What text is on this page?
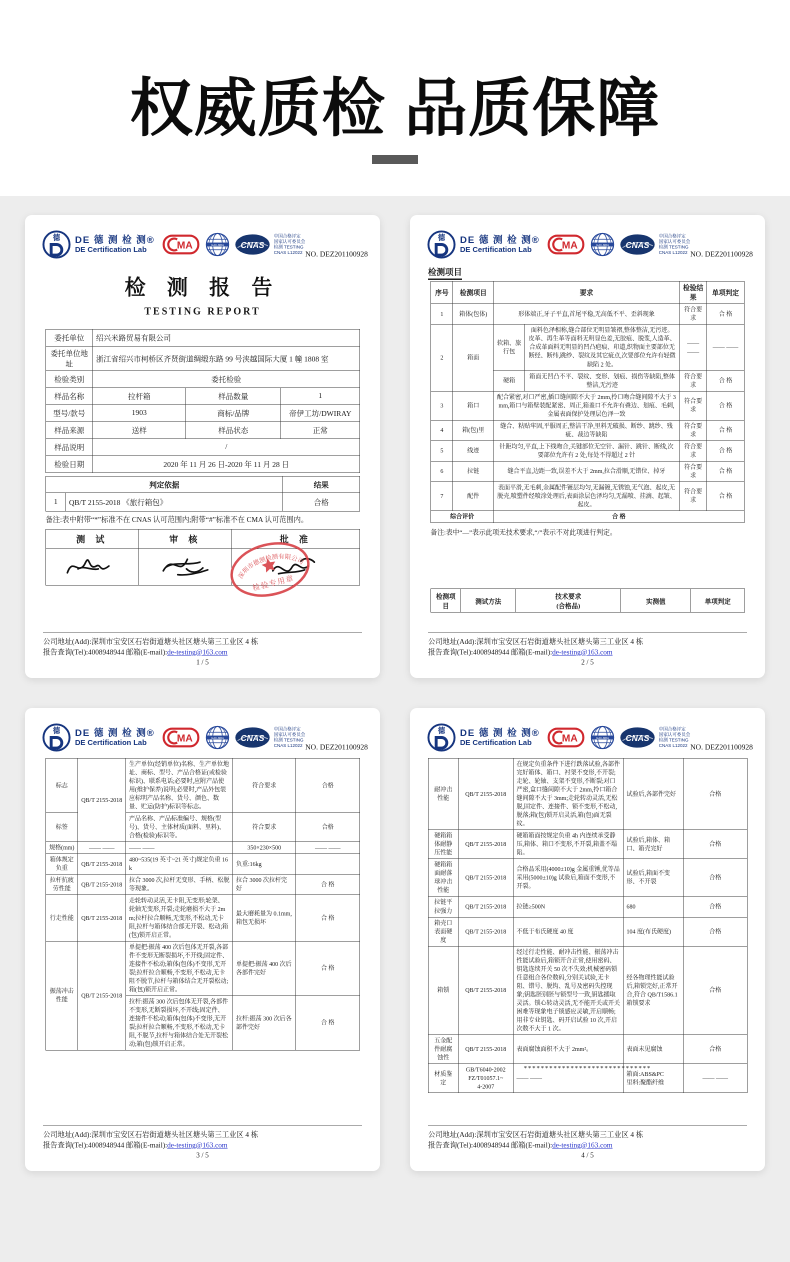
权威质检 品质保障
德 DE 德 测 检 测®
DE Certification Lab	MA	ILAC-MRA CNAS
中国合格评定
国家认可委员会
检测 TESTING
CNAS L12022 NO. DEZ201100928
检 测 报 告
TESTING REPORT
委托单位	绍兴米路贸易有限公司		
委托单位地址	浙江省绍兴市柯桥区齐贤街道绸缎东路 99 号浃越国际大厦 1 幢 1808 室		
检验类别	委托检验		
样品名称	拉杆箱	样品数量	1
型号/款号	1903	商标/品牌	帝伊工坊/DWIRAY
样品来源	送样	样品状态	正常
样品说明	/		
检验日期	2020 年 11 月 26 日-2020 年 11 月 28 日		
判定依据		结果
1	QB/T 2155-2018 《旅行箱包》	合格
备注:表中附带“*”标准不在 CNAS 认可范围内;附带“#”标准不在 CMA 认可范围内。
测 试	审 核	批 准

深圳市德测检测有限公司
检验专用章
公司地址(Add):深圳市宝安区石岩街道塘头社区塘头第三工业区 4 栋
报告查询(Tel):4008948944 邮箱(E-mail):de-testing@163.com
1 / 5
德 DE 德 测 检 测®
DE Certification Lab	MA	ILAC-MRA CNAS
中国合格评定
国家认可委员会
检测 TESTING
CNAS L12022 NO. DEZ201100928
检测项目
序号	检测项目	要求		检验结果	单项判定
1	箱体(包体)	形体端正,牙子平直,首尾平稳,无高低不平、歪斜现象		符合要求	合 格
2	箱面	软箱、旅行包	面料色泽相称,缝合部位无明显皱褶,整体整洁,无污迹。皮革、再生革等面料无明显色差,无胶痕、脱浆,人造革、合成革面料无明显的凹凸疤痕、印道,织物面主要部位无断经、断纬,跳纱、裂纹及其它疵点,次要部位允许有轻微缺陷 2 处。	—— ——	—— ——
		硬箱	箱面无凹凸不平、裂纹、变形、划痕、损伤等缺陷,整体整洁,无污迹	符合要求	合 格
3	箱口	配合紧密,对口严密,插口缝间隙不大于 2mm,拎口吻合缝间隙不大于 3mm,箱口与箱壁装配紧密、周正,箱盖口不允许有叠边、划痕、毛刺,金属表面保护处理层色泽一致		符合要求	合 格
4	箱(包)里	缝合、粘贴牢固,平服周正,整洁干净,里料无破损、断纱、跳纱、残疵、裁边等缺陷		符合要求	合 格
5	线迹	针距均匀,平直,上下线吻合,关键部位无空针、漏针、跳针、断线,次要部位允许有 2 处,每处不得超过 2 针		符合要求	合 格
6	拉链	缝合平直,边距一致,误差不大于 2mm,拉合滑顺,无错位、掉牙		符合要求	合 格
7	配件	表面平滑,无毛刺,金属配件镀层均匀,无漏镀,无锈蚀,无气泡、起皮,无脱壳,喷塑件经喷涂处理后,表面涂层色泽均匀,无漏喷、挂滴、起皱、起皮。		符合要求	合 格
综合评价		合 格			
备注:表中“—”表示此项无技术要求,“/”表示不对此项进行判定。
检测项
目	测试方法	技术要求
(合格品)	实测值	单项判定
公司地址(Add):深圳市宝安区石岩街道塘头社区塘头第三工业区 4 栋
报告查询(Tel):4008948944 邮箱(E-mail):de-testing@163.com
2 / 5
德 DE 德 测 检 测®
DE Certification Lab	MA	ILAC-MRA CNAS
中国合格评定
国家认可委员会
检测 TESTING
CNAS L12022 NO. DEZ201100928
标志	QB/T 2155-2018	生产单位(经销单位)名称、生产单位地址、商标、型号、产品合格证(或检验标识)、联系电话;必要时,应附产品使用(维护保养)说明;必要时,产品外包装应标明产品名称、货号、颜色、数量、贮运(防护)标识等标志。	符合要求	合格
标签		产品名称、产品标准编号、规格(型号)、货号、主体材质(面料、里料)、合格(检验)标识等。	符合要求	合格
规格(mm)	—— ——	—— ——	350×230×500	—— ——
箱体规定负重	QB/T 2155-2018	480~535(19 英寸~21 英寸)规定负重 16k	负重:16kg	
拉杆抗疲劳性能	QB/T 2155-2018	拉合 3000 次,拉杆无变形、手柄、松脱等现象。	拉合 3000 次拉杆完好	合 格
行走性能	QB/T 2155-2018	走轮转动灵活,无卡阻,无变形;轮架、轮轴无变形,开裂;走轮磨损不大于 2mm;拉杆拉合顺畅,无变形,不松动,无卡阻,拉杆与箱体结合部无开裂、松动;箱(包)锁开启正常。	最大磨耗量为 0.1mm,箱包无损坏	合 格
振荡冲击性能	QB/T 2155-2018	单提把:振荡 400 次后包体无开裂,各部件不变形无断裂损坏,不开线;固定件、连接件不松动;箱体(包体)不变形,无开裂;拉杆拉合顺畅,不变形,不松动,无卡阻不脱节,拉杆与箱体结合无开裂松动;箱(包)锁开启正常。	单提把:振荡 400 次后各部件完好	合 格
		拉杆:振荡 300 次后包体无开裂,各部件不变形,无断裂损坏,不开线;固定件、连接件不松动;箱体(包体)不变形,无开裂;拉杆拉合顺畅,不变形,不松动,无卡阻,不脱节,拉杆与箱体结合处无开裂松动;箱(包)锁开启正常。	拉杆:振荡 300 次后各部件完好	合 格
公司地址(Add):深圳市宝安区石岩街道塘头社区塘头第三工业区 4 栋
报告查询(Tel):4008948944 邮箱(E-mail):de-testing@163.com
3 / 5
德 DE 德 测 检 测®
DE Certification Lab	MA	ILAC-MRA CNAS
中国合格评定
国家认可委员会
检测 TESTING
CNAS L12022 NO. DEZ201100928
耐冲击性能	QB/T 2155-2018	在规定负重条件下进行跌落试验,各部件完好箱体、箱口、衬架不变形,不开裂;走轮、轮轴、支架不变形,不断裂;对口严密,盒口缝间隙不大于 2mm,拎口箱合缝间隙不大于 3mm;走轮转动灵活,无松脱,固定件、连接件、锁不变形,不松动,脱落;箱(包)锁开启灵活,箱(包)面无裂纹。	试验后,各部件完好	合格
硬箱箱体耐静压性能	QB/T 2155-2018	硬箱箱面按规定负重 4h 内连续承受静压,箱体、箱口不变形,不开裂,箱盖不塌陷。	试验后,箱体、箱口、箱壳完好	合格
硬箱箱面耐落球冲击性能	QB/T 2155-2018	合格品采用(4000±10)g 金属重锤,优等品采用(5000±10)g 试验后,箱面不变形,不开裂。	试验后,箱面不变形、不开裂	合格
拉链平拉强力	QB/T 2155-2018	拉链≥500N	680	合格
箱壳口表面硬度	QB/T 2155-2018	不低于布氏硬度 40 度	104 度(布氏硬度)	合格
箱锁	QB/T 2155-2018	经过行走性能、耐冲击性能、振荡冲击性能试验后,箱锁开合正常,使用密码、钥匙连续开关 50 次不失效;机械密码锁任意组合各位数码,分别关试验,无卡阻、错号、脱钩、乱号及密码失控现象;钥匙胚别胚与锁型号一致,钥匙插取灵活。锁心转动灵活,无不能开关或开关困难等现象电子锁感应灵敏,开启顺畅;用非专业钥匙、码开启试验 10 次,开启次数不大于 1 次。	经各物理性能试验后,箱锁完好,正常开合,符合 QB/T1586.1 箱锁要求	合格
五金配件耐腐蚀性	QB/T 2155-2018	表面腐蚀面积不大于 2mm²。	表面未见腐蚀	合格
材质鉴定	GB/T6040-2002
FZ/T01057.1~
4-2007	—— ——	箱面:ABS&PC
里料:聚酯纤维	—— ——
******************************
公司地址(Add):深圳市宝安区石岩街道塘头社区塘头第三工业区 4 栋
报告查询(Tel):4008948944 邮箱(E-mail):de-testing@163.com
4 / 5
